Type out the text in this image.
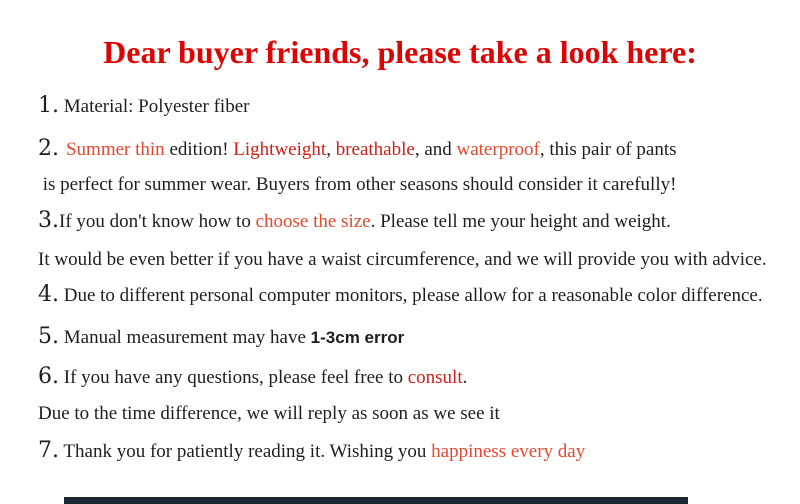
Dear buyer friends, please take a look here:
1. Material: Polyester fiber
2. Summer thin edition! Lightweight, breathable, and waterproof, this pair of pants
is perfect for summer wear. Buyers from other seasons should consider it carefully!
3.If you don't know how to choose the size. Please tell me your height and weight.
It would be even better if you have a waist circumference, and we will provide you with advice.
4. Due to different personal computer monitors, please allow for a reasonable color difference.
5. Manual measurement may have 1-3cm error
6. If you have any questions, please feel free to consult.
Due to the time difference, we will reply as soon as we see it
7. Thank you for patiently reading it. Wishing you happiness every day
